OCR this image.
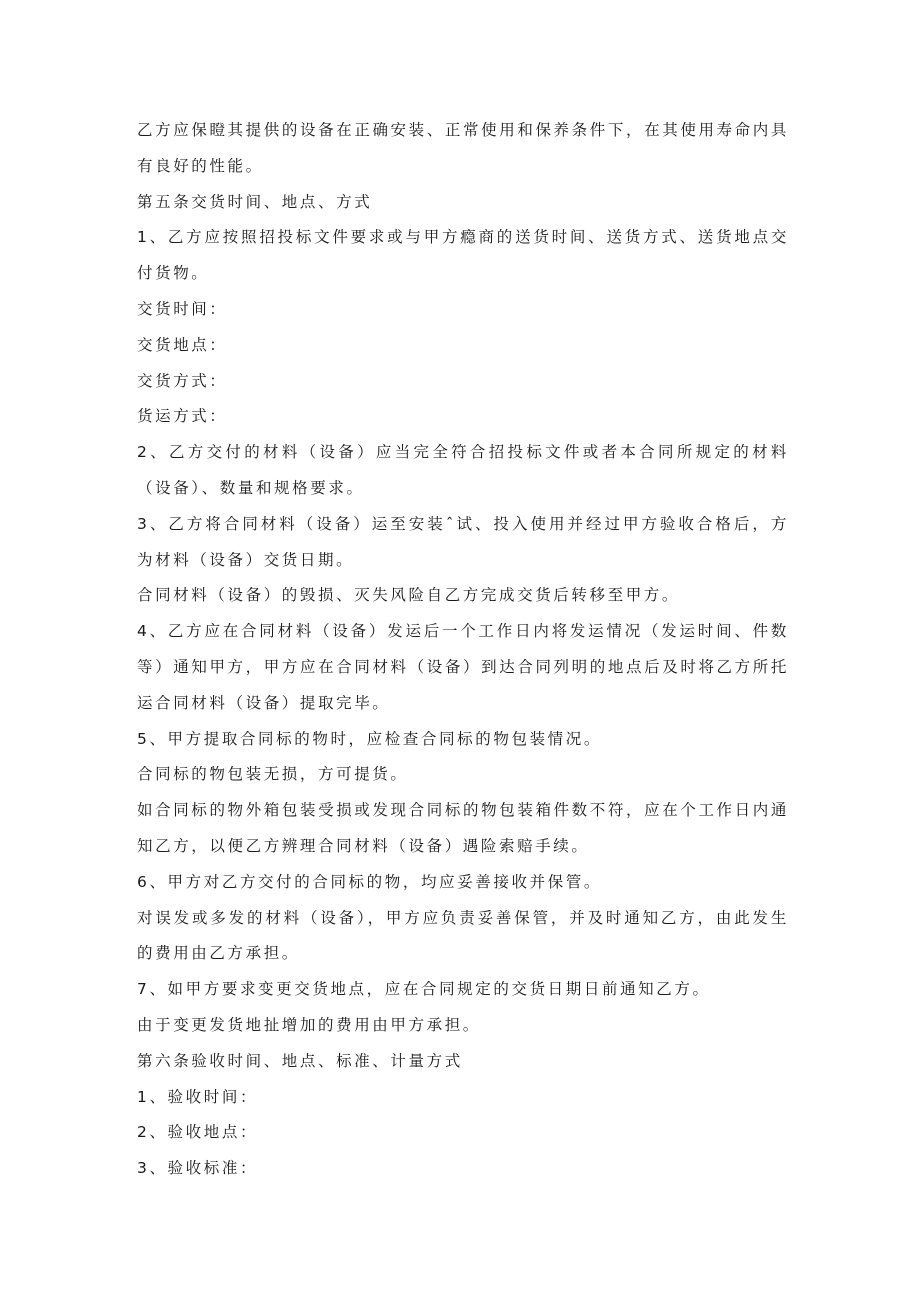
乙方应保瞪其提供的设备在正确安装、正常使用和保养条件下，在其使用寿命内具有良好的性能。

第五条交货时间、地点、方式

1、乙方应按照招投标文件要求或与甲方瘾商的送货时间、送货方式、送货地点交付货物。

交货时间：

交货地点：

交货方式：

货运方式：

2、乙方交付的材料（设备）应当完全符合招投标文件或者本合同所规定的材料（设备）、数量和规格要求。

3、乙方将合同材料（设备）运至安装ˆ试、投入使用并经过甲方验收合格后，方为材料（设备）交货日期。

合同材料（设备）的毁损、灭失风险自乙方完成交货后转移至甲方。

4、乙方应在合同材料（设备）发运后一个工作日内将发运情况（发运时间、件数等）通知甲方，甲方应在合同材料（设备）到达合同列明的地点后及时将乙方所托运合同材料（设备）提取完毕。

5、甲方提取合同标的物时，应检查合同标的物包装情况。

合同标的物包装无损，方可提货。

如合同标的物外箱包装受损或发现合同标的物包装箱件数不符，应在个工作日内通知乙方，以便乙方辨理合同材料（设备）遇险索赔手续。

6、甲方对乙方交付的合同标的物，均应妥善接收并保管。

对误发或多发的材料（设备），甲方应负责妥善保管，并及时通知乙方，由此发生的费用由乙方承担。

7、如甲方要求变更交货地点，应在合同规定的交货日期日前通知乙方。

由于变更发货地扯增加的费用由甲方承担。

第六条验收时间、地点、标准、计量方式

1、验收时间：

2、验收地点：

3、验收标准：
